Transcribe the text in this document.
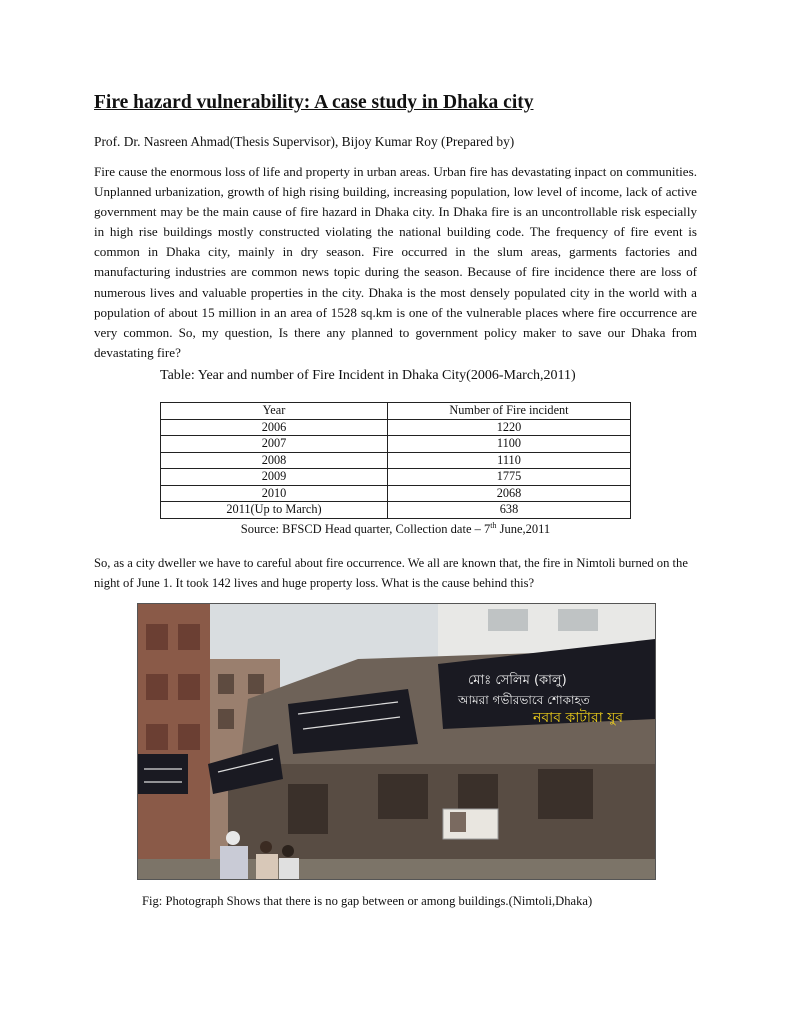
Fire hazard vulnerability: A case study in Dhaka city

Prof. Dr. Nasreen Ahmad(Thesis Supervisor), Bijoy Kumar Roy (Prepared by)

Fire cause the enormous loss of life and property in urban areas. Urban fire has devastating inpact on communities. Unplanned urbanization, growth of high rising building, increasing population, low level of income, lack of active government may be the main cause of fire hazard in Dhaka city. In Dhaka fire is an uncontrollable risk especially in high rise buildings mostly constructed violating the national building code. The frequency of fire event is common in Dhaka city, mainly in dry season. Fire occurred in the slum areas, garments factories and manufacturing industries are common news topic during the season. Because of fire incidence there are loss of numerous lives and valuable properties in the city. Dhaka is the most densely populated city in the world with a population of about 15 million in an area of 1528 sq.km is one of the vulnerable places where fire occurrence are very common. So, my question, Is there any planned to government policy maker to save our Dhaka from devastating fire?

Table: Year and number of Fire Incident in Dhaka City(2006-March,2011)

Year	Number of Fire incident
2006	1220
2007	1100
2008	1110
2009	1775
2010	2068
2011(Up to March)	638

Source: BFSCD Head quarter, Collection date – 7th June,2011

So, as a city dweller we have to careful about fire occurrence. We all are known that, the fire in Nimtoli burned on the night of June 1. It took 142 lives and huge property loss. What is the cause behind this?

মোঃ সেলিম (কালু)
আমরা গভীরভাবে শোকাহত
নবাব কাটারা যুব

Fig: Photograph Shows that there is no gap between or among buildings.(Nimtoli,Dhaka)
